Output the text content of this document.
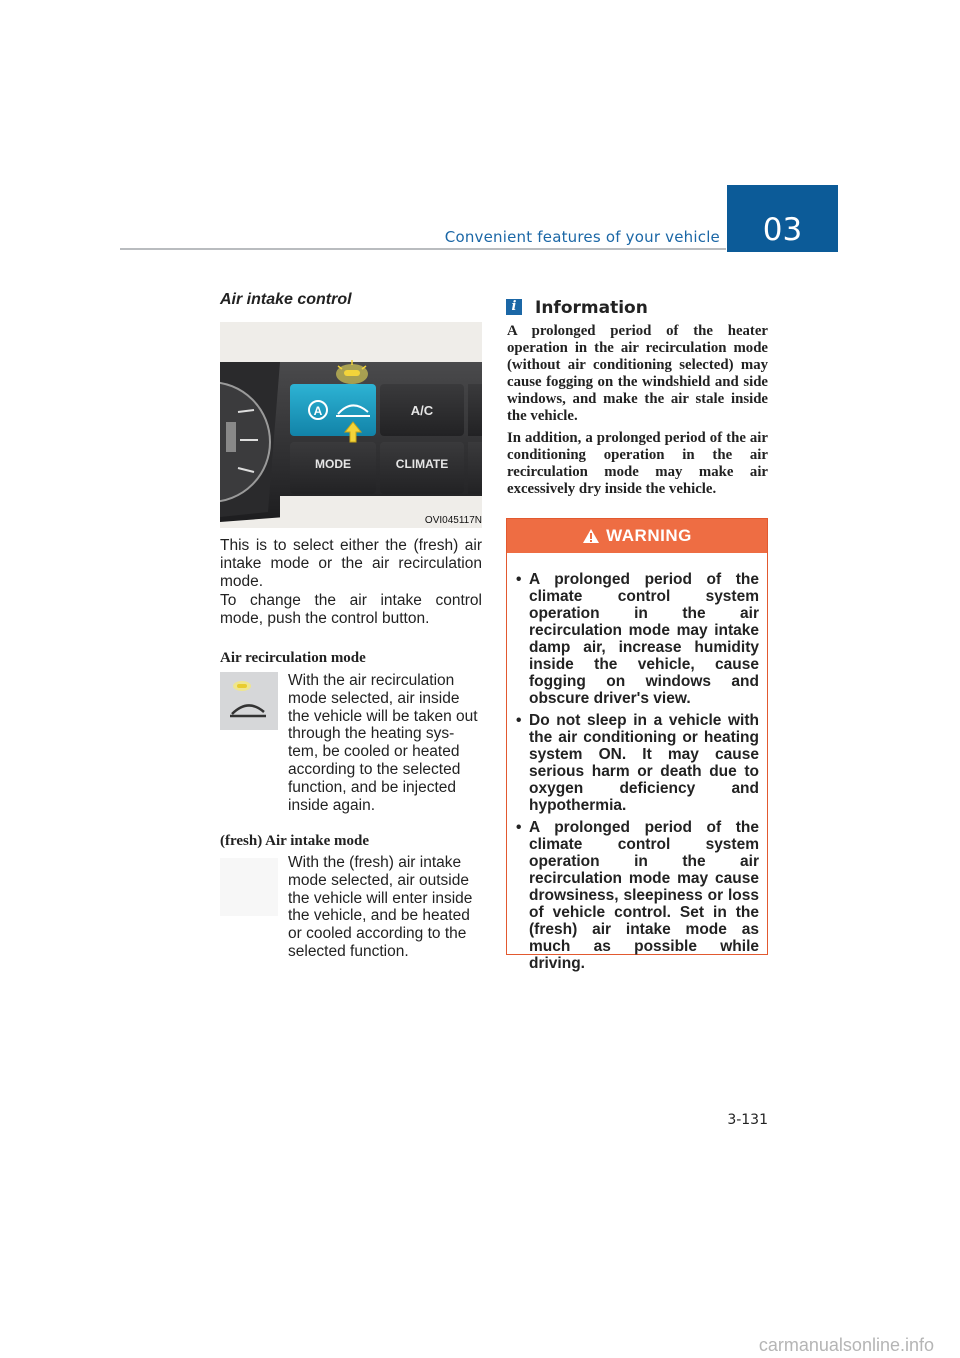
Convenient features of your vehicle	03
Air intake control
A	A/C
MODE	CLIMATE
OVI045117N
This is to select either the (fresh) air intake mode or the air recirculation mode.
To change the air intake control mode, push the control button.
Air recirculation mode
With the air recirculation
mode selected, air inside
the vehicle will be taken out
through the heating sys-
tem, be cooled or heated
according to the selected
function, and be injected
inside again.
(fresh) Air intake mode
With the (fresh) air intake
mode selected, air outside
the vehicle will enter inside
the vehicle, and be heated
or cooled according to the
selected function.
i	Information
A prolonged period of the heater operation in the air recirculation mode (without air conditioning selected) may cause fogging on the windshield and side windows, and make the air stale inside the vehicle.
In addition, a prolonged period of the air conditioning operation in the air recirculation mode may make air excessively dry inside the vehicle.
WARNING
• A prolonged period of the climate control system operation in the air recirculation mode may intake damp air, increase humidity inside the vehicle, cause fogging on windows and obscure driver's view.
• Do not sleep in a vehicle with the air conditioning or heating system ON. It may cause serious harm or death due to oxygen deficiency and hypothermia.
• A prolonged period of the climate control system operation in the air recirculation mode may cause drowsiness, sleepiness or loss of vehicle control. Set in the (fresh) air intake mode as much as possible while driving.
3-131
carmanualsonline.info
